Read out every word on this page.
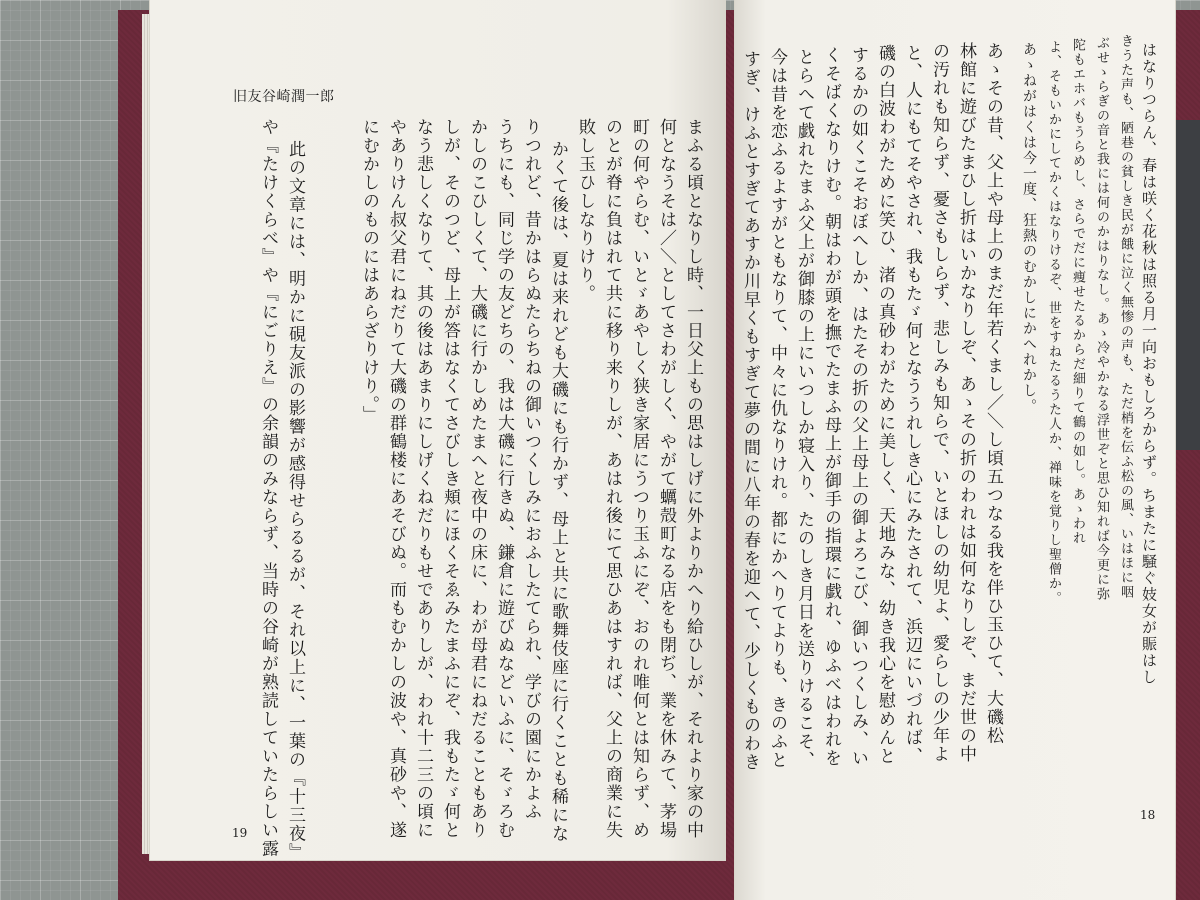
旧友谷崎潤一郎
19
18
はなりつらん、春は咲く花秋は照る月一向おもしろからず。ちまたに騒ぐ妓女が賑はし
きうた声も、陋巷の貧しき民が餓に泣く無惨の声も、ただ梢を伝ふ松の風、いはほに咽
ぶせゝらぎの音と我には何のかはりなし。あゝ冷やかなる浮世ぞと思ひ知れば今更に弥
陀もエホバもうらめし、さらでだに痩せたるからだ細りて鶴の如し。あゝわれ
よ、そもいかにしてかくはなりけるぞ、世をすねたるうた人か、禅味を覚りし聖僧か。
あゝねがはくは今一度、狂熱のむかしにかへれかし。
あゝその昔、父上や母上のまだ年若くまし／＼し頃五つなる我を伴ひ玉ひて、大磯松
林館に遊びたまひし折はいかなりしぞ、あゝその折のわれは如何なりしぞ、まだ世の中
の汚れも知らず、憂さもしらず、悲しみも知らで、いとほしの幼児よ、愛らしの少年よ
と、人にもてそやされ、我もたゞ何となううれしき心にみたされて、浜辺にいづれば、
磯の白波わがために笑ひ、渚の真砂わがために美しく、天地みな、幼き我心を慰めんと
するかの如くこそおぼへしか、はたその折の父上母上の御よろこび、御いつくしみ、い
くそばくなりけむ。朝はわが頭を撫でたまふ母上が御手の指環に戯れ、ゆふべはわれを
とらへて戯れたまふ父上が御膝の上にいつしか寝入り、たのしき月日を送りけるこそ、
今は昔を恋ふるよすがともなりて、中々に仇なりけれ。都にかへりてよりも、きのふと
すぎ、けふとすぎてあすか川早くもすぎて夢の間に八年の春を迎へて、少しくものわき
まふる頃となりし時、一日父上もの思はしげに外よりかへり給ひしが、それより家の中
何となうそは／＼としてさわがしく、やがて蠣殻町なる店をも閉ぢ、業を休みて、茅場
町の何やらむ、いとゞあやしく狭き家居にうつり玉ふにぞ、おのれ唯何とは知らず、め
のとが脊に負はれて共に移り来りしが、あはれ後にて思ひあはすれば、父上の商業に失
敗し玉ひしなりけり。
かくて後は、夏は来れども大磯にも行かず、母上と共に歌舞伎座に行くことも稀にな
りつれど、昔かはらぬたらちねの御いつくしみにおふしたてられ、学びの園にかよふ
うちにも、同じ学の友どちの、我は大磯に行きぬ、鎌倉に遊びぬなどいふに、そゞろむ
かしのこひしくて、大磯に行かしめたまへと夜中の床に、わが母君にねだることもあり
しが、そのつど、母上が答はなくてさびしき頬にほくそゑみたまふにぞ、我もたゞ何と
なう悲しくなりて、其の後はあまりにしげくねだりもせでありしが、われ十二三の頃に
やありけん叔父君にねだりて大磯の群鶴楼にあそびぬ。而もむかしの波や、真砂や、遂
にむかしのものにはあらざりけり。」
此の文章には、明かに硯友派の影響が感得せらるるが、それ以上に、一葉の『十三夜』
や『たけくらべ』や『にごりえ』の余韻のみならず、当時の谷崎が熟読していたらしい露
